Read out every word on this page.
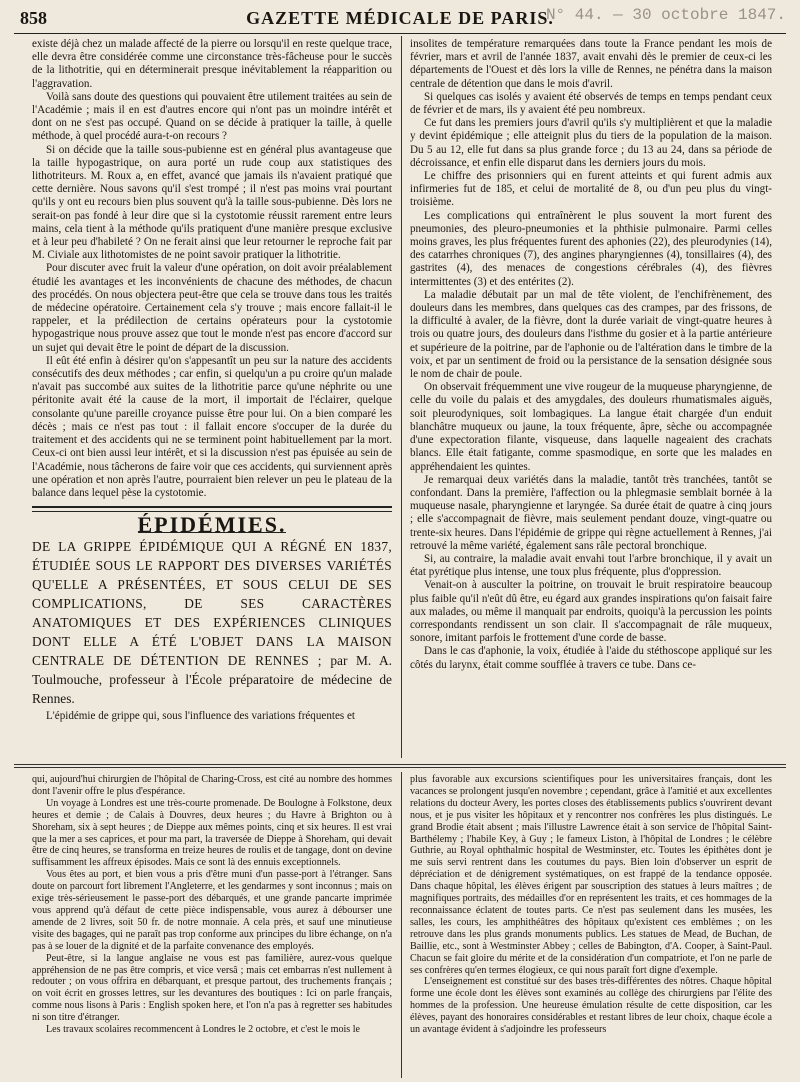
858	GAZETTE MÉDICALE DE PARIS.
N° 44. — 30 octobre 1847.

existe déjà chez un malade affecté de la pierre ou lorsqu'il en reste quelque trace, elle devra être considérée comme une circonstance très-fâcheuse pour le succès de la lithotritie, qui en déterminerait presque inévitablement la réapparition ou l'aggravation.

Voilà sans doute des questions qui pouvaient être utilement traitées au sein de l'Académie ; mais il en est d'autres encore qui n'ont pas un moindre intérêt et dont on ne s'est pas occupé. Quand on se décide à pratiquer la taille, à quelle méthode, à quel procédé aura-t-on recours ?

Si on décide que la taille sous-pubienne est en général plus avantageuse que la taille hypogastrique, on aura porté un rude coup aux statistiques des lithotriteurs. M. Roux a, en effet, avancé que jamais ils n'avaient pratiqué que cette dernière. Nous savons qu'il s'est trompé ; il n'est pas moins vrai pourtant qu'ils y ont eu recours bien plus souvent qu'à la taille sous-pubienne. Dès lors ne serait-on pas fondé à leur dire que si la cystotomie réussit rarement entre leurs mains, cela tient à la méthode qu'ils pratiquent d'une manière presque exclusive et à leur peu d'habileté ? On ne ferait ainsi que leur retourner le reproche fait par M. Civiale aux lithotomistes de ne point savoir pratiquer la lithotritie.

Pour discuter avec fruit la valeur d'une opération, on doit avoir préalablement étudié les avantages et les inconvénients de chacune des méthodes, de chacun des procédés. On nous objectera peut-être que cela se trouve dans tous les traités de médecine opératoire. Certainement cela s'y trouve ; mais encore fallait-il le rappeler, et la prédilection de certains opérateurs pour la cystotomie hypogastrique nous prouve assez que tout le monde n'est pas encore d'accord sur un sujet qui devait être le point de départ de la discussion.

Il eût été enfin à désirer qu'on s'appesantît un peu sur la nature des accidents consécutifs des deux méthodes ; car enfin, si quelqu'un a pu croire qu'un malade n'avait pas succombé aux suites de la lithotritie parce qu'une néphrite ou une péritonite avait été la cause de la mort, il importait de l'éclairer, quelque consolante qu'une pareille croyance puisse être pour lui. On a bien comparé les décès ; mais ce n'est pas tout : il fallait encore s'occuper de la durée du traitement et des accidents qui ne se terminent point habituellement par la mort. Ceux-ci ont bien aussi leur intérêt, et si la discussion n'est pas épuisée au sein de l'Académie, nous tâcherons de faire voir que ces accidents, qui surviennent après une opération et non après l'autre, pourraient bien relever un peu le plateau de la balance dans lequel pèse la cystotomie.

ÉPIDÉMIES.

DE LA GRIPPE ÉPIDÉMIQUE QUI A RÉGNÉ EN 1837, ÉTUDIÉE SOUS LE RAPPORT DES DIVERSES VARIÉTÉS QU'ELLE A PRÉSENTÉES, ET SOUS CELUI DE SES COMPLICATIONS, DE SES CARACTÈRES ANATOMIQUES ET DES EXPÉRIENCES CLINIQUES DONT ELLE A ÉTÉ L'OBJET DANS LA MAISON CENTRALE DE DÉTENTION DE RENNES ; par M. A. Toulmouche, professeur à l'École préparatoire de médecine de Rennes.

L'épidémie de grippe qui, sous l'influence des variations fréquentes et

insolites de température remarquées dans toute la France pendant les mois de février, mars et avril de l'année 1837, avait envahi dès le premier de ceux-ci les départements de l'Ouest et dès lors la ville de Rennes, ne pénétra dans la maison centrale de détention que dans le mois d'avril.

Si quelques cas isolés y avaient été observés de temps en temps pendant ceux de février et de mars, ils y avaient été peu nombreux.

Ce fut dans les premiers jours d'avril qu'ils s'y multiplièrent et que la maladie y devint épidémique ; elle atteignit plus du tiers de la population de la maison. Du 5 au 12, elle fut dans sa plus grande force ; du 13 au 24, dans sa période de décroissance, et enfin elle disparut dans les derniers jours du mois.

Le chiffre des prisonniers qui en furent atteints et qui furent admis aux infirmeries fut de 185, et celui de mortalité de 8, ou d'un peu plus du vingt-troisième.

Les complications qui entraînèrent le plus souvent la mort furent des pneumonies, des pleuro-pneumonies et la phthisie pulmonaire. Parmi celles moins graves, les plus fréquentes furent des aphonies (22), des pleurodynies (14), des catarrhes chroniques (7), des angines pharyngiennes (4), tonsillaires (4), des gastrites (4), des menaces de congestions cérébrales (4), des fièvres intermittentes (3) et des entérites (2).

La maladie débutait par un mal de tête violent, de l'enchifrènement, des douleurs dans les membres, dans quelques cas des crampes, par des frissons, de la difficulté à avaler, de la fièvre, dont la durée variait de vingt-quatre heures à trois ou quatre jours, des douleurs dans l'isthme du gosier et à la partie antérieure et supérieure de la poitrine, par de l'aphonie ou de l'altération dans le timbre de la voix, et par un sentiment de froid ou la persistance de la sensation désignée sous le nom de chair de poule.

On observait fréquemment une vive rougeur de la muqueuse pharyngienne, de celle du voile du palais et des amygdales, des douleurs rhumatismales aiguës, soit pleurodyniques, soit lombagiques. La langue était chargée d'un enduit blanchâtre muqueux ou jaune, la toux fréquente, âpre, sèche ou accompagnée d'une expectoration filante, visqueuse, dans laquelle nageaient des crachats blancs. Elle était fatigante, comme spasmodique, en sorte que les malades en appréhendaient les quintes.

Je remarquai deux variétés dans la maladie, tantôt très tranchées, tantôt se confondant. Dans la première, l'affection ou la phlegmasie semblait bornée à la muqueuse nasale, pharyngienne et laryngée. Sa durée était de quatre à cinq jours ; elle s'accompagnait de fièvre, mais seulement pendant douze, vingt-quatre ou trente-six heures. Dans l'épidémie de grippe qui règne actuellement à Rennes, j'ai retrouvé la même variété, également sans râle pectoral bronchique.

Si, au contraire, la maladie avait envahi tout l'arbre bronchique, il y avait un état pyrétique plus intense, une toux plus fréquente, plus d'oppression.

Venait-on à ausculter la poitrine, on trouvait le bruit respiratoire beaucoup plus faible qu'il n'eût dû être, eu égard aux grandes inspirations qu'on faisait faire aux malades, ou même il manquait par endroits, quoiqu'à la percussion les points correspondants rendissent un son clair. Il s'accompagnait de râle muqueux, sonore, imitant parfois le frottement d'une corde de basse.

Dans le cas d'aphonie, la voix, étudiée à l'aide du stéthoscope appliqué sur les côtés du larynx, était comme soufflée à travers ce tube. Dans ce-

qui, aujourd'hui chirurgien de l'hôpital de Charing-Cross, est cité au nombre des hommes dont l'avenir offre le plus d'espérance.

Un voyage à Londres est une très-courte promenade. De Boulogne à Folkstone, deux heures et demie ; de Calais à Douvres, deux heures ; du Havre à Brighton ou à Shoreham, six à sept heures ; de Dieppe aux mêmes points, cinq et six heures. Il est vrai que la mer a ses caprices, et pour ma part, la traversée de Dieppe à Shoreham, qui devait être de cinq heures, se transforma en treize heures de roulis et de tangage, dont on devine suffisamment les affreux épisodes. Mais ce sont là des ennuis exceptionnels.

Vous êtes au port, et bien vous a pris d'être muni d'un passe-port à l'étranger. Sans doute on parcourt fort librement l'Angleterre, et les gendarmes y sont inconnus ; mais on exige très-sérieusement le passe-port des débarqués, et une grande pancarte imprimée vous apprend qu'à défaut de cette pièce indispensable, vous aurez à débourser une amende de 2 livres, soit 50 fr. de notre monnaie. A cela près, et sauf une minutieuse visite des bagages, qui ne paraît pas trop conforme aux principes du libre échange, on n'a pas à se louer de la dignité et de la parfaite convenance des employés.

Peut-être, si la langue anglaise ne vous est pas familière, aurez-vous quelque appréhension de ne pas être compris, et vice versâ ; mais cet embarras n'est nullement à redouter ; on vous offrira en débarquant, et presque partout, des truchements français ; on voit écrit en grosses lettres, sur les devantures des boutiques : Ici on parle français, comme nous lisons à Paris : English spoken here, et l'on n'a pas à regretter ses habitudes ni son titre d'étranger.

Les travaux scolaires recommencent à Londres le 2 octobre, et c'est le mois le

plus favorable aux excursions scientifiques pour les universitaires français, dont les vacances se prolongent jusqu'en novembre ; cependant, grâce à l'amitié et aux excellentes relations du docteur Avery, les portes closes des établissements publics s'ouvrirent devant nous, et je pus visiter les hôpitaux et y rencontrer nos confrères les plus distingués. Le grand Brodie était absent ; mais l'illustre Lawrence était à son service de l'hôpital Saint-Barthélemy ; l'habile Key, à Guy ; le fameux Liston, à l'hôpital de Londres ; le célèbre Guthrie, au Royal ophthalmic hospital de Westminster, etc. Toutes les épithètes dont je me suis servi rentrent dans les coutumes du pays. Bien loin d'observer un esprit de dépréciation et de dénigrement systématiques, on est frappé de la tendance opposée. Dans chaque hôpital, les élèves érigent par souscription des statues à leurs maîtres ; de magnifiques portraits, des médailles d'or en représentent les traits, et ces hommages de la reconnaissance éclatent de toutes parts. Ce n'est pas seulement dans les musées, les salles, les cours, les amphithéâtres des hôpitaux qu'existent ces emblèmes ; on les retrouve dans les plus grands monuments publics. Les statues de Mead, de Buchan, de Baillie, etc., sont à Westminster Abbey ; celles de Babington, d'A. Cooper, à Saint-Paul. Chacun se fait gloire du mérite et de la considération d'un compatriote, et l'on ne parle de ses confrères qu'en termes élogieux, ce qui nous paraît fort digne d'exemple.

L'enseignement est constitué sur des bases très-différentes des nôtres. Chaque hôpital forme une école dont les élèves sont examinés au collège des chirurgiens par l'élite des hommes de la profession. Une heureuse émulation résulte de cette disposition, car les élèves, payant des honoraires considérables et restant libres de leur choix, chaque école a un avantage évident à s'adjoindre les professeurs
